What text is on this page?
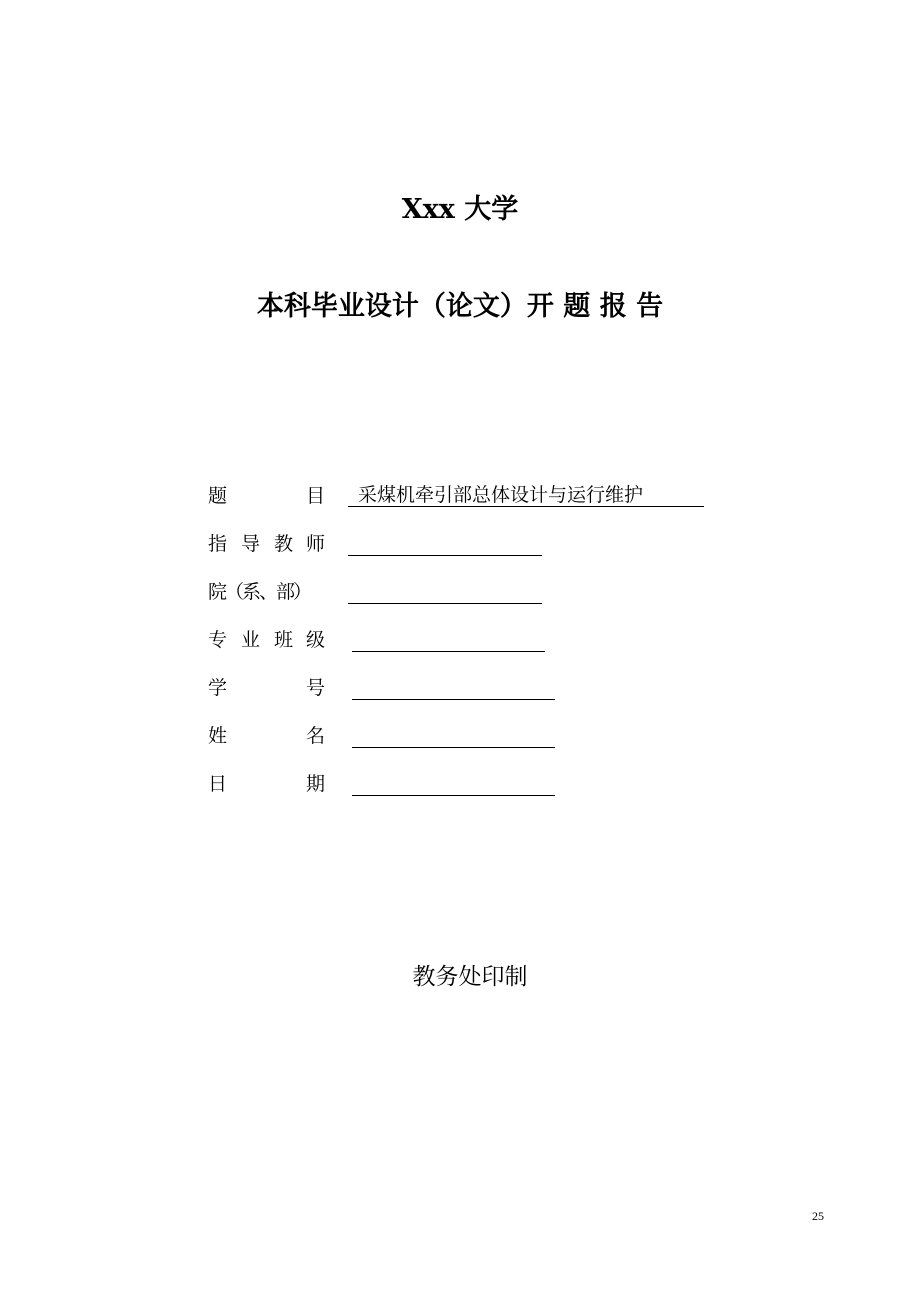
Xxx 大学
本科毕业设计（论文）开 题 报 告
题	目	采煤机牵引部总体设计与运行维护
指 导 教 师
院（系、部）
专 业 班 级
学	号
姓	名
日	期
教务处印制
25
